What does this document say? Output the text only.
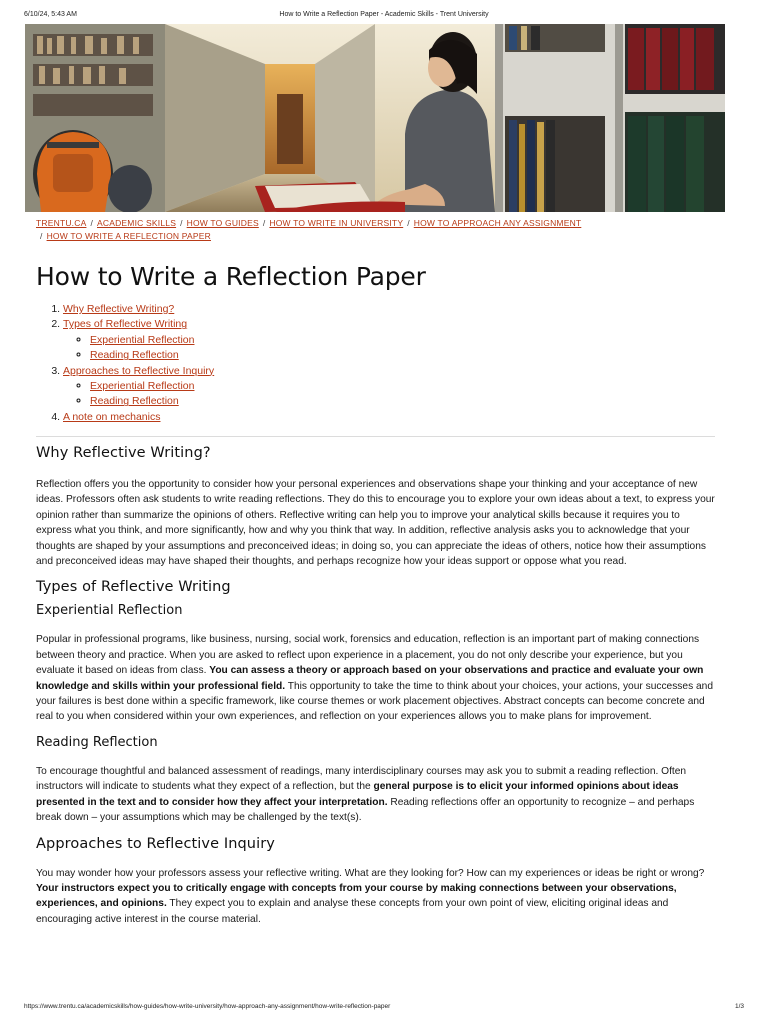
6/10/24, 5:43 AM	How to Write a Reflection Paper - Academic Skills - Trent University
TRENTU.CA / ACADEMIC SKILLS / HOW TO GUIDES / HOW TO WRITE IN UNIVERSITY / HOW TO APPROACH ANY ASSIGNMENT
/ HOW TO WRITE A REFLECTION PAPER
How to Write a Reflection Paper
1. Why Reflective Writing?
2. Types of Reflective Writing
◦ Experiential Reflection
◦ Reading Reflection
3. Approaches to Reflective Inquiry
◦ Experiential Reflection
◦ Reading Reflection
4. A note on mechanics
Why Reflective Writing?

Reflection offers you the opportunity to consider how your personal experiences and observations shape your thinking and your acceptance of new ideas. Professors often ask students to write reading reflections. They do this to encourage you to explore your own ideas about a text, to express your opinion rather than summarize the opinions of others. Reflective writing can help you to improve your analytical skills because it requires you to express what you think, and more significantly, how and why you think that way. In addition, reflective analysis asks you to acknowledge that your thoughts are shaped by your assumptions and preconceived ideas; in doing so, you can appreciate the ideas of others, notice how their assumptions and preconceived ideas may have shaped their thoughts, and perhaps recognize how your ideas support or oppose what you read.

Types of Reflective Writing
Experiential Reflection

Popular in professional programs, like business, nursing, social work, forensics and education, reflection is an important part of making connections between theory and practice. When you are asked to reflect upon experience in a placement, you do not only describe your experience, but you evaluate it based on ideas from class. You can assess a theory or approach based on your observations and practice and evaluate your own knowledge and skills within your professional field. This opportunity to take the time to think about your choices, your actions, your successes and your failures is best done within a specific framework, like course themes or work placement objectives. Abstract concepts can become concrete and real to you when considered within your own experiences, and reflection on your experiences allows you to make plans for improvement.

Reading Reflection

To encourage thoughtful and balanced assessment of readings, many interdisciplinary courses may ask you to submit a reading reflection. Often instructors will indicate to students what they expect of a reflection, but the general purpose is to elicit your informed opinions about ideas presented in the text and to consider how they affect your interpretation. Reading reflections offer an opportunity to recognize – and perhaps break down – your assumptions which may be challenged by the text(s).

Approaches to Reflective Inquiry

You may wonder how your professors assess your reflective writing. What are they looking for? How can my experiences or ideas be right or wrong? Your instructors expect you to critically engage with concepts from your course by making connections between your observations, experiences, and opinions. They expect you to explain and analyse these concepts from your own point of view, eliciting original ideas and encouraging active interest in the course material.

https://www.trentu.ca/academicskills/how-guides/how-write-university/how-approach-any-assignment/how-write-reflection-paper	1/3
